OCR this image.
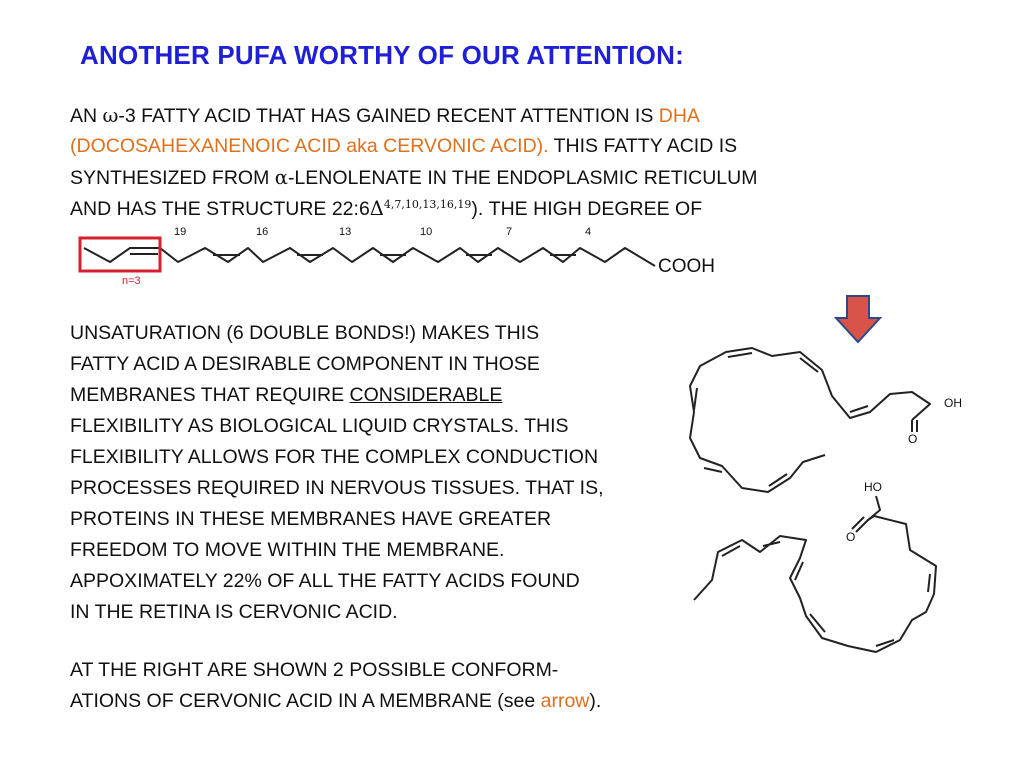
ANOTHER PUFA WORTHY OF OUR ATTENTION:
AN ω-3 FATTY ACID THAT HAS GAINED RECENT ATTENTION IS DHA
(DOCOSAHEXANENOIC ACID aka CERVONIC ACID). THIS FATTY ACID IS
SYNTHESIZED FROM α-LENOLENATE IN THE ENDOPLASMIC RETICULUM
AND HAS THE STRUCTURE $22:6\Delta^{4,7,10,13,16,19}$). THE HIGH DEGREE OF
UNSATURATION (6 DOUBLE BONDS!) MAKES THIS
FATTY ACID A DESIRABLE COMPONENT IN THOSE
MEMBRANES THAT REQUIRE CONSIDERABLE
FLEXIBILITY AS BIOLOGICAL LIQUID CRYSTALS. THIS
FLEXIBILITY ALLOWS FOR THE COMPLEX CONDUCTION
PROCESSES REQUIRED IN NERVOUS TISSUES. THAT IS,
PROTEINS IN THESE MEMBRANES HAVE GREATER
FREEDOM TO MOVE WITHIN THE MEMBRANE.
APPOXIMATELY 22% OF ALL THE FATTY ACIDS FOUND
IN THE RETINA IS CERVONIC ACID.
AT THE RIGHT ARE SHOWN 2 POSSIBLE CONFORM-
ATIONS OF CERVONIC ACID IN A MEMBRANE (see arrow).
19	16	13	10	7	4
COOH
n=3
OH
O
HO
O
